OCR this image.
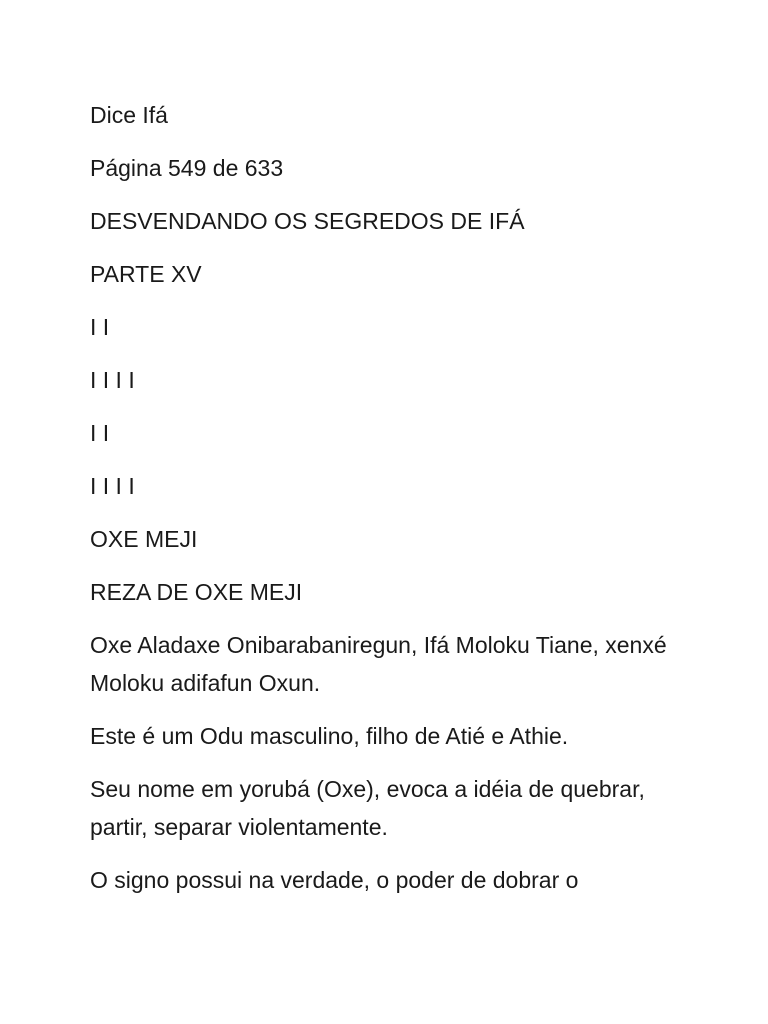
Dice Ifá
Página 549 de 633
DESVENDANDO OS SEGREDOS DE IFÁ
PARTE XV
I I
I I I I
I I
I I I I
OXE MEJI
REZA DE OXE MEJI
Oxe Aladaxe Onibarabaniregun, Ifá Moloku Tiane, xenxé Moloku adifafun Oxun.
Este é um Odu masculino, filho de Atié e Athie.
Seu nome em yorubá (Oxe), evoca a idéia de quebrar, partir, separar violentamente.
O signo possui na verdade, o poder de dobrar o
